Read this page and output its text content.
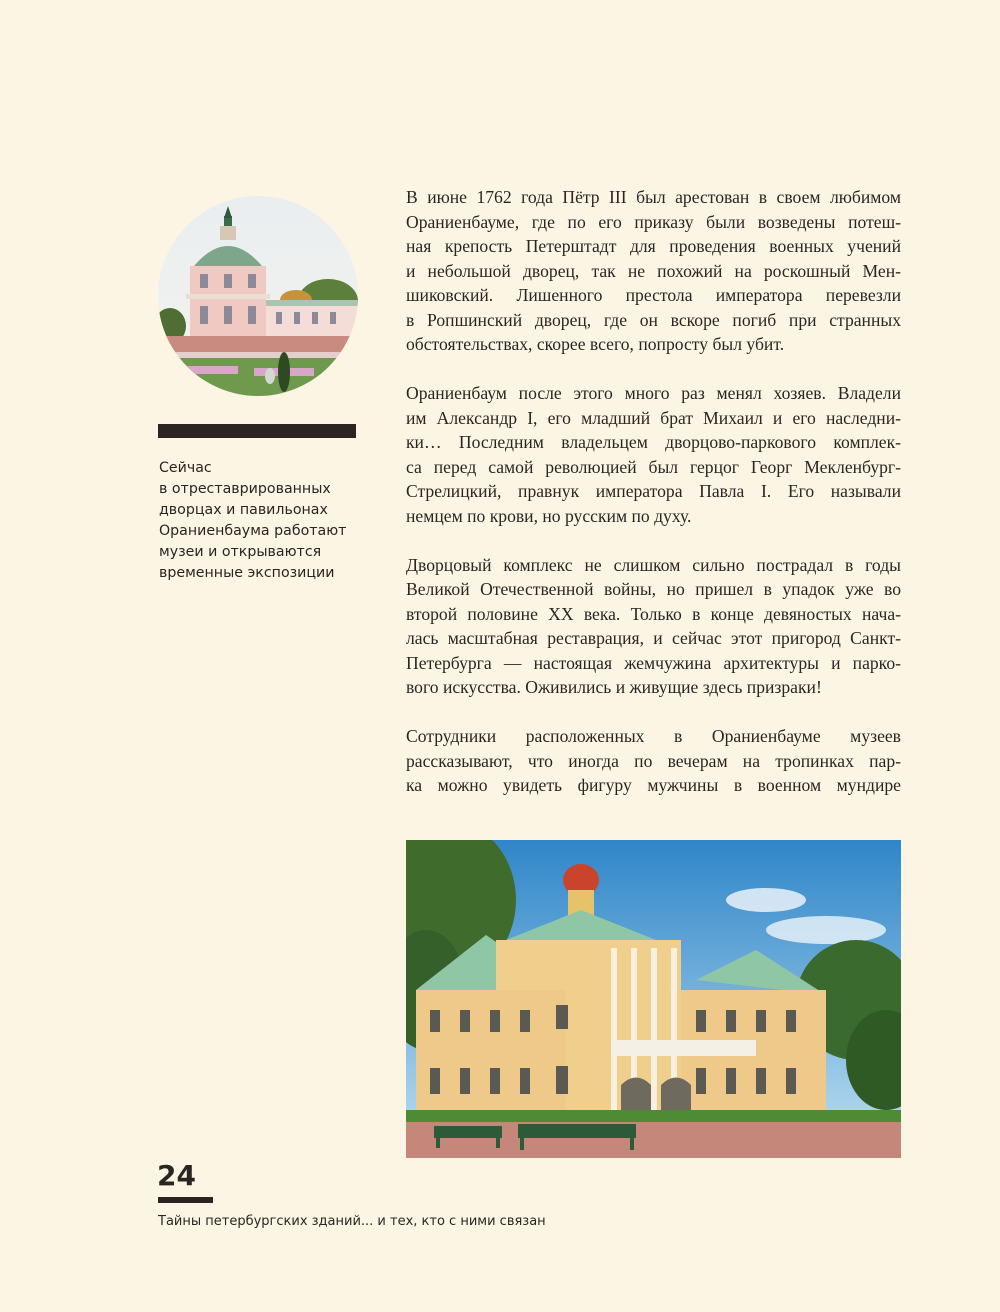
Сейчас
в отреставрированных
дворцах и павильонах
Ораниенбаума работают
музеи и открываются
временные экспозиции
В июне 1762 года Пётр III был арестован в своем любимом
Ораниенбауме, где по его приказу были возведены потеш-
ная крепость Петерштадт для проведения военных учений
и небольшой дворец, так не похожий на роскошный Мен-
шиковский. Лишенного престола императора перевезли
в Ропшинский дворец, где он вскоре погиб при странных
обстоятельствах, скорее всего, попросту был убит.
Ораниенбаум после этого много раз менял хозяев. Владели
им Александр I, его младший брат Михаил и его наследни-
ки… Последним владельцем дворцово-паркового комплек-
са перед самой революцией был герцог Георг Мекленбург-
Стрелицкий, правнук императора Павла I. Его называли
немцем по крови, но русским по духу.
Дворцовый комплекс не слишком сильно пострадал в годы
Великой Отечественной войны, но пришел в упадок уже во
второй половине XX века. Только в конце девяностых нача-
лась масштабная реставрация, и сейчас этот пригород Санкт-
Петербурга — настоящая жемчужина архитектуры и парко-
вого искусства. Оживились и живущие здесь призраки!
Сотрудники расположенных в Ораниенбауме музеев
рассказывают, что иногда по вечерам на тропинках пар-
ка можно увидеть фигуру мужчины в военном мундире
24
Тайны петербургских зданий... и тех, кто с ними связан
